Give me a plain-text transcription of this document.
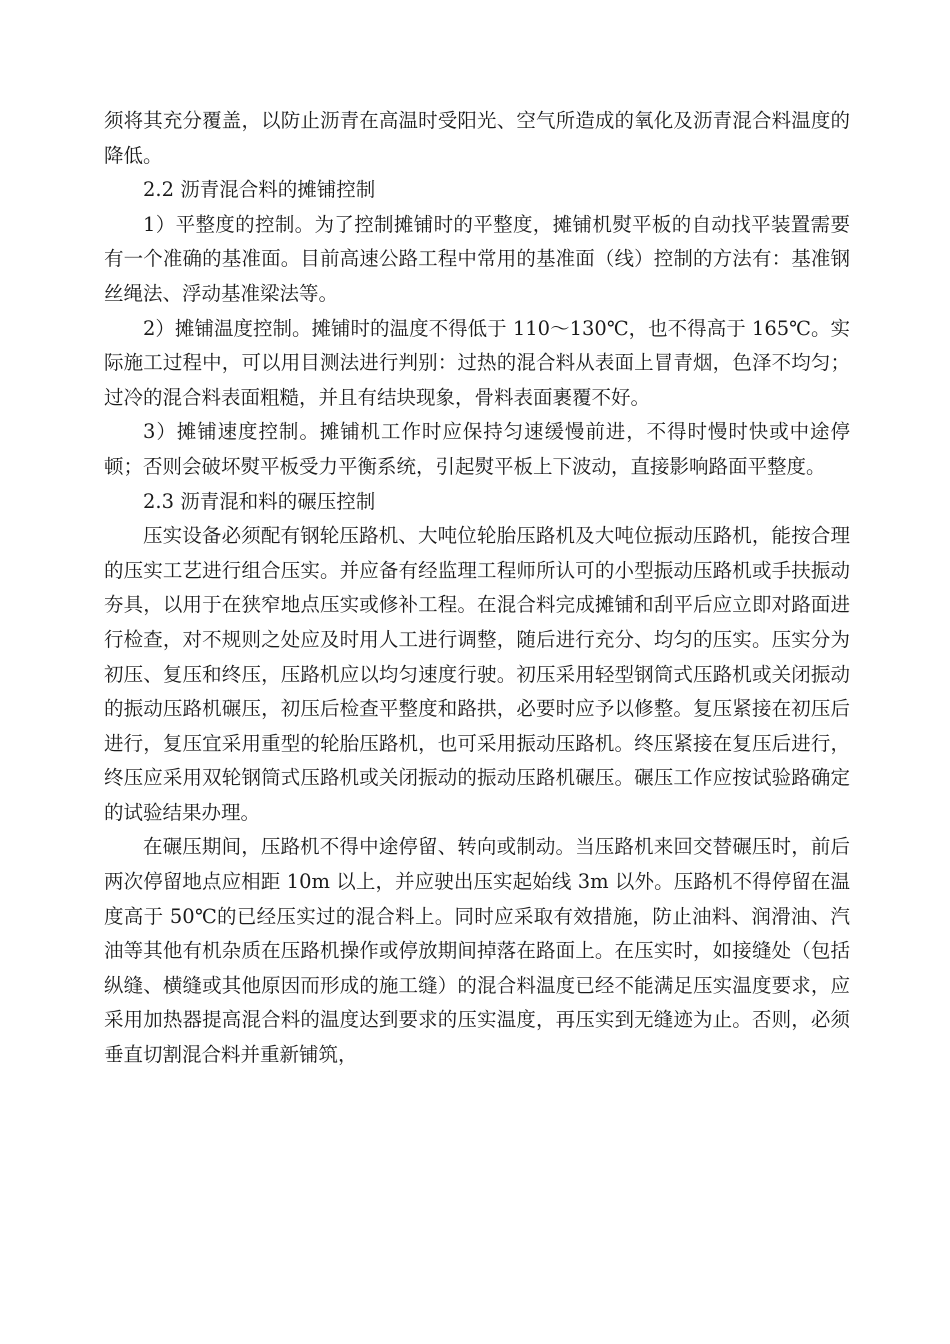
须将其充分覆盖，以防止沥青在高温时受阳光、空气所造成的氧化及沥青混合料温度的降低。

2.2 沥青混合料的摊铺控制

1）平整度的控制。为了控制摊铺时的平整度，摊铺机熨平板的自动找平装置需要有一个准确的基准面。目前高速公路工程中常用的基准面（线）控制的方法有：基准钢丝绳法、浮动基准梁法等。

2）摊铺温度控制。摊铺时的温度不得低于 110～130℃，也不得高于 165℃。实际施工过程中，可以用目测法进行判别：过热的混合料从表面上冒青烟，色泽不均匀；过冷的混合料表面粗糙，并且有结块现象，骨料表面裹覆不好。

3）摊铺速度控制。摊铺机工作时应保持匀速缓慢前进，不得时慢时快或中途停顿；否则会破坏熨平板受力平衡系统，引起熨平板上下波动，直接影响路面平整度。

2.3 沥青混和料的碾压控制

压实设备必须配有钢轮压路机、大吨位轮胎压路机及大吨位振动压路机，能按合理的压实工艺进行组合压实。并应备有经监理工程师所认可的小型振动压路机或手扶振动夯具，以用于在狭窄地点压实或修补工程。在混合料完成摊铺和刮平后应立即对路面进行检查，对不规则之处应及时用人工进行调整，随后进行充分、均匀的压实。压实分为初压、复压和终压，压路机应以均匀速度行驶。初压采用轻型钢筒式压路机或关闭振动的振动压路机碾压，初压后检查平整度和路拱，必要时应予以修整。复压紧接在初压后进行，复压宜采用重型的轮胎压路机，也可采用振动压路机。终压紧接在复压后进行，终压应采用双轮钢筒式压路机或关闭振动的振动压路机碾压。碾压工作应按试验路确定的试验结果办理。

在碾压期间，压路机不得中途停留、转向或制动。当压路机来回交替碾压时，前后两次停留地点应相距 10m 以上，并应驶出压实起始线 3m 以外。压路机不得停留在温度高于 50℃的已经压实过的混合料上。同时应采取有效措施，防止油料、润滑油、汽油等其他有机杂质在压路机操作或停放期间掉落在路面上。在压实时，如接缝处（包括纵缝、横缝或其他原因而形成的施工缝）的混合料温度已经不能满足压实温度要求，应采用加热器提高混合料的温度达到要求的压实温度，再压实到无缝迹为止。否则，必须垂直切割混合料并重新铺筑，
